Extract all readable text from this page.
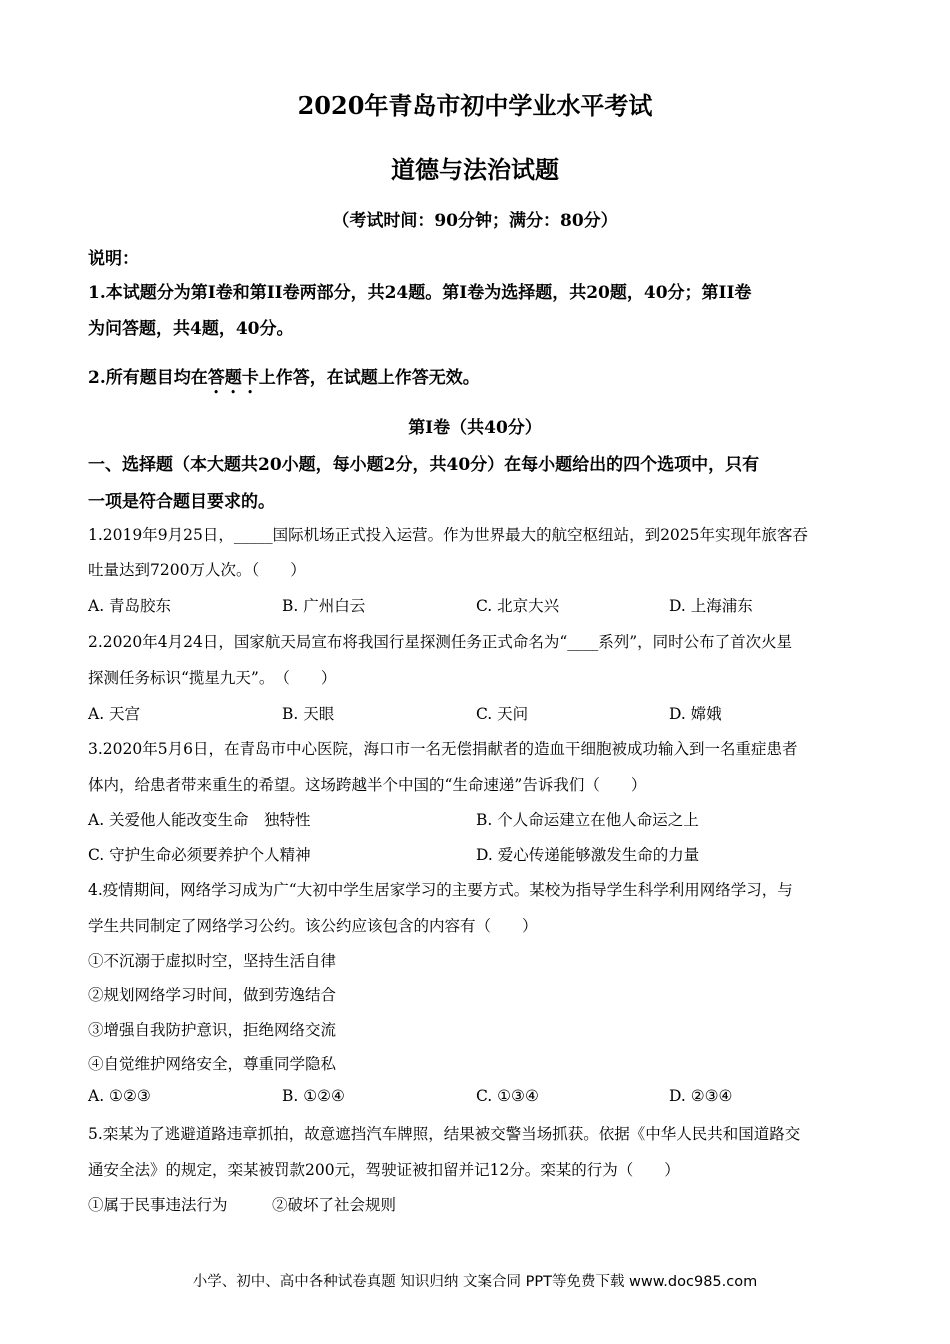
2020年青岛市初中学业水平考试
道德与法治试题
（考试时间：90分钟；满分：80分）
说明：
1.本试题分为第Ⅰ卷和第II卷两部分，共24题。第Ⅰ卷为选择题，共20题，40分；第II卷
为问答题，共4题，40分。
2.所有题目均在答题卡上作答，在试题上作答无效。
第Ⅰ卷（共40分）
一、选择题（本大题共20小题，每小题2分，共40分）在每小题给出的四个选项中，只有
一项是符合题目要求的。
1.2019年9月25日，_____国际机场正式投入运营。作为世界最大的航空枢纽站，到2025年实现年旅客吞
吐量达到7200万人次。（　　）
A. 青岛胶东	B. 广州白云	C. 北京大兴	D. 上海浦东
2.2020年4月24日，国家航天局宣布将我国行星探测任务正式命名为“____系列”，同时公布了首次火星
探测任务标识“揽星九天”。　（　　）
A. 天宫	B. 天眼	C. 天问	D. 嫦娥
3.2020年5月6日，在青岛市中心医院，海口市一名无偿捐献者的造血干细胞被成功输入到一名重症患者
体内，给患者带来重生的希望。这场跨越半个中国的“生命速递”告诉我们（　　）
A. 关爱他人能改变生命　独特性	B. 个人命运建立在他人命运之上
C. 守护生命必须要养护个人精神	D. 爱心传递能够激发生命的力量
4.疫情期间，网络学习成为广“大初中学生居家学习的主要方式。某校为指导学生科学利用网络学习，与
学生共同制定了网络学习公约。该公约应该包含的内容有（　　）
①不沉溺于虚拟时空，坚持生活自律
②规划网络学习时间，做到劳逸结合
③增强自我防护意识，拒绝网络交流
④自觉维护网络安全，尊重同学隐私
A. ①②③	B. ①②④	C. ①③④	D. ②③④
5.栾某为了逃避道路违章抓拍，故意遮挡汽车牌照，结果被交警当场抓获。依据《中华人民共和国道路交
通安全法》的规定，栾某被罚款200元，驾驶证被扣留并记12分。栾某的行为（　　）
①属于民事违法行为	②破坏了社会规则
小学、初中、高中各种试卷真题 知识归纳 文案合同 PPT等免费下载 www.doc985.com
